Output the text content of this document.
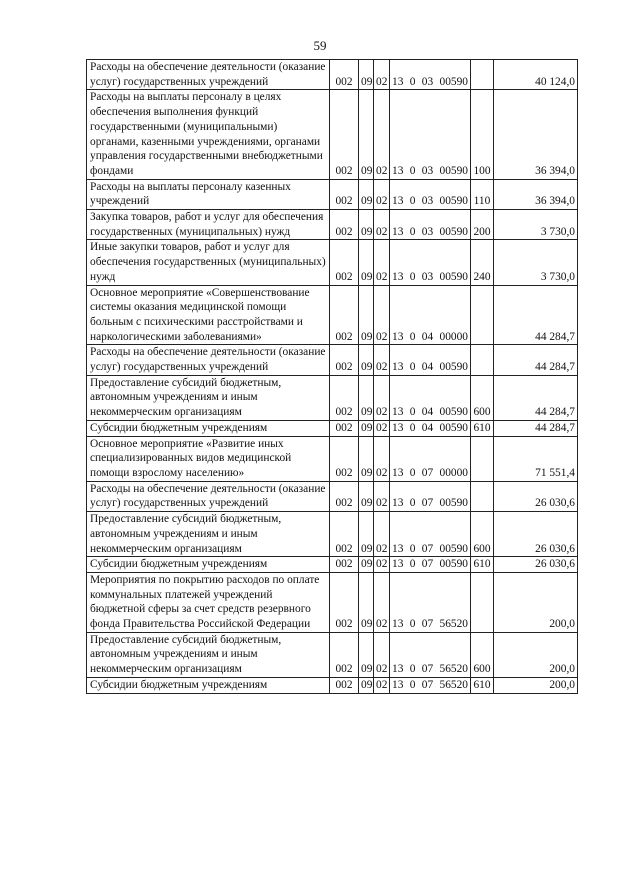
59
Расходы на обеспечение деятельности (оказание услуг) государственных учреждений	002	09	02	13 0 03 00590		40 124,0
Расходы на выплаты персоналу в целях обеспечения выполнения функций государственными (муниципальными) органами, казенными учреждениями, органами управления государственными внебюджетными фондами	002	09	02	13 0 03 00590	100	36 394,0
Расходы на выплаты персоналу казенных учреждений	002	09	02	13 0 03 00590	110	36 394,0
Закупка товаров, работ и услуг для обеспечения государственных (муниципальных) нужд	002	09	02	13 0 03 00590	200	3 730,0
Иные закупки товаров, работ и услуг для обеспечения государственных (муниципальных) нужд	002	09	02	13 0 03 00590	240	3 730,0
Основное мероприятие «Совершенствование системы оказания медицинской помощи больным с психическими расстройствами и наркологическими заболеваниями»	002	09	02	13 0 04 00000		44 284,7
Расходы на обеспечение деятельности (оказание услуг) государственных учреждений	002	09	02	13 0 04 00590		44 284,7
Предоставление субсидий бюджетным, автономным учреждениям и иным некоммерческим организациям	002	09	02	13 0 04 00590	600	44 284,7
Субсидии бюджетным учреждениям	002	09	02	13 0 04 00590	610	44 284,7
Основное мероприятие «Развитие иных специализированных видов медицинской помощи взрослому населению»	002	09	02	13 0 07 00000		71 551,4
Расходы на обеспечение деятельности (оказание услуг) государственных учреждений	002	09	02	13 0 07 00590		26 030,6
Предоставление субсидий бюджетным, автономным учреждениям и иным некоммерческим организациям	002	09	02	13 0 07 00590	600	26 030,6
Субсидии бюджетным учреждениям	002	09	02	13 0 07 00590	610	26 030,6
Мероприятия по покрытию расходов по оплате коммунальных платежей учреждений бюджетной сферы за счет средств резервного фонда Правительства Российской Федерации	002	09	02	13 0 07 56520		200,0
Предоставление субсидий бюджетным, автономным учреждениям и иным некоммерческим организациям	002	09	02	13 0 07 56520	600	200,0
Субсидии бюджетным учреждениям	002	09	02	13 0 07 56520	610	200,0
